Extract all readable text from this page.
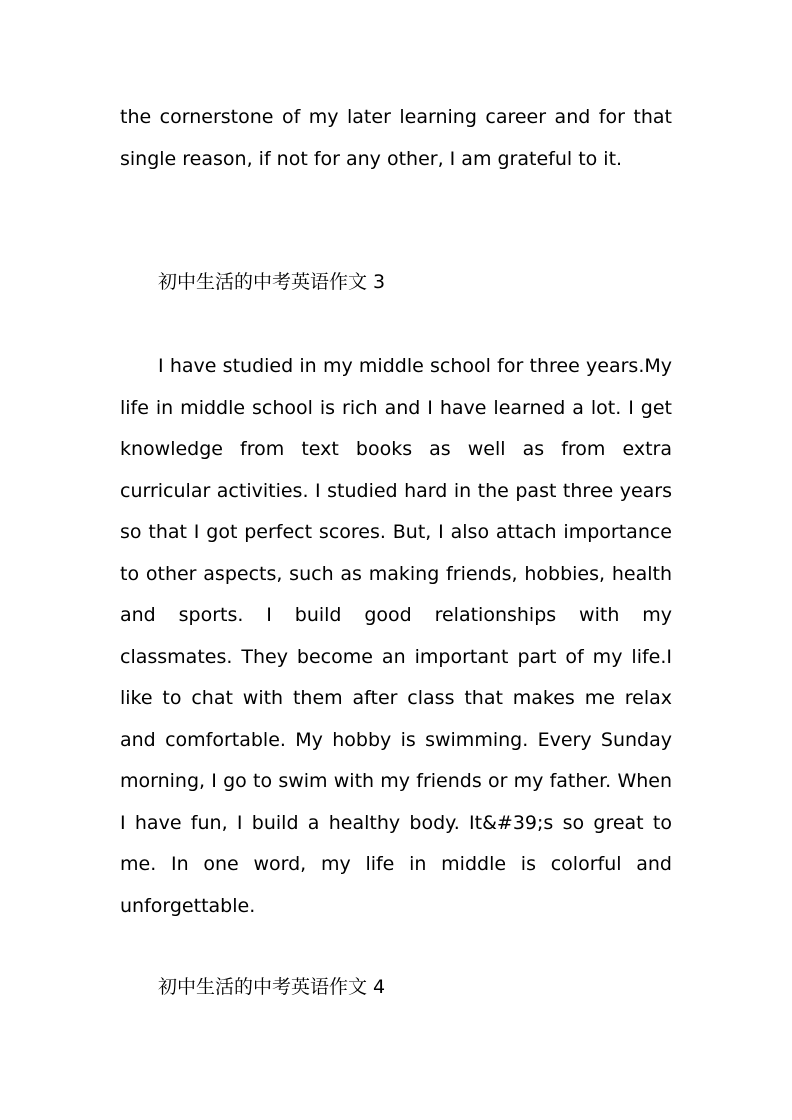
the cornerstone of my later learning career and for that single reason, if not for any other, I am grateful to it.

初中生活的中考英语作文 3

I have studied in my middle school for three years.My life in middle school is rich and I have learned a lot. I get knowledge from text books as well as from extra curricular activities. I studied hard in the past three years so that I got perfect scores. But, I also attach importance to other aspects, such as making friends, hobbies, health and sports. I build good relationships with my classmates. They become an important part of my life.I like to chat with them after class that makes me relax and comfortable. My hobby is swimming. Every Sunday morning, I go to swim with my friends or my father. When I have fun, I build a healthy body. It&#39;s so great to me. In one word, my life in middle is colorful and unforgettable.

初中生活的中考英语作文 4
